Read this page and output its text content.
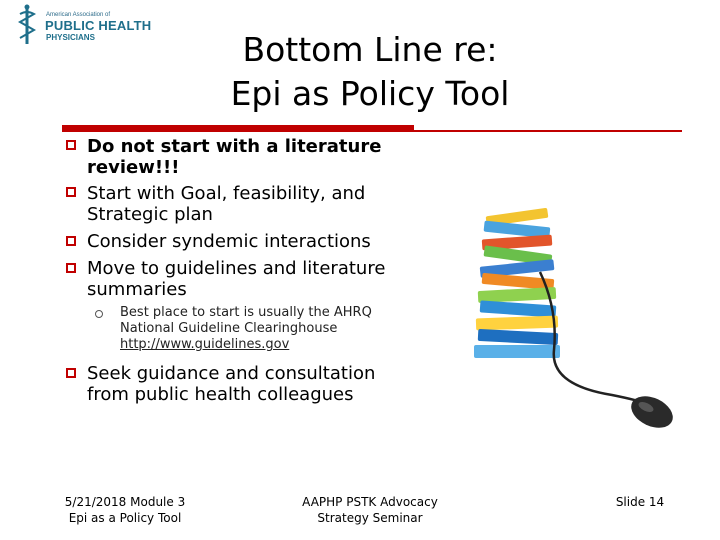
American Association of
PUBLIC HEALTH
PHYSICIANS	Bottom Line re:
Epi as Policy Tool
Do not start with a literature
review!!!
Start with Goal, feasibility, and
Strategic plan
Consider syndemic interactions
Move to guidelines and literature
summaries
Seek guidance and consultation
from public health colleagues
Best place to start is usually the AHRQ
National Guideline Clearinghouse
http://www.guidelines.gov
5/21/2018 Module 3
Epi as a Policy Tool
AAPHP PSTK Advocacy
Strategy Seminar
Slide 14
